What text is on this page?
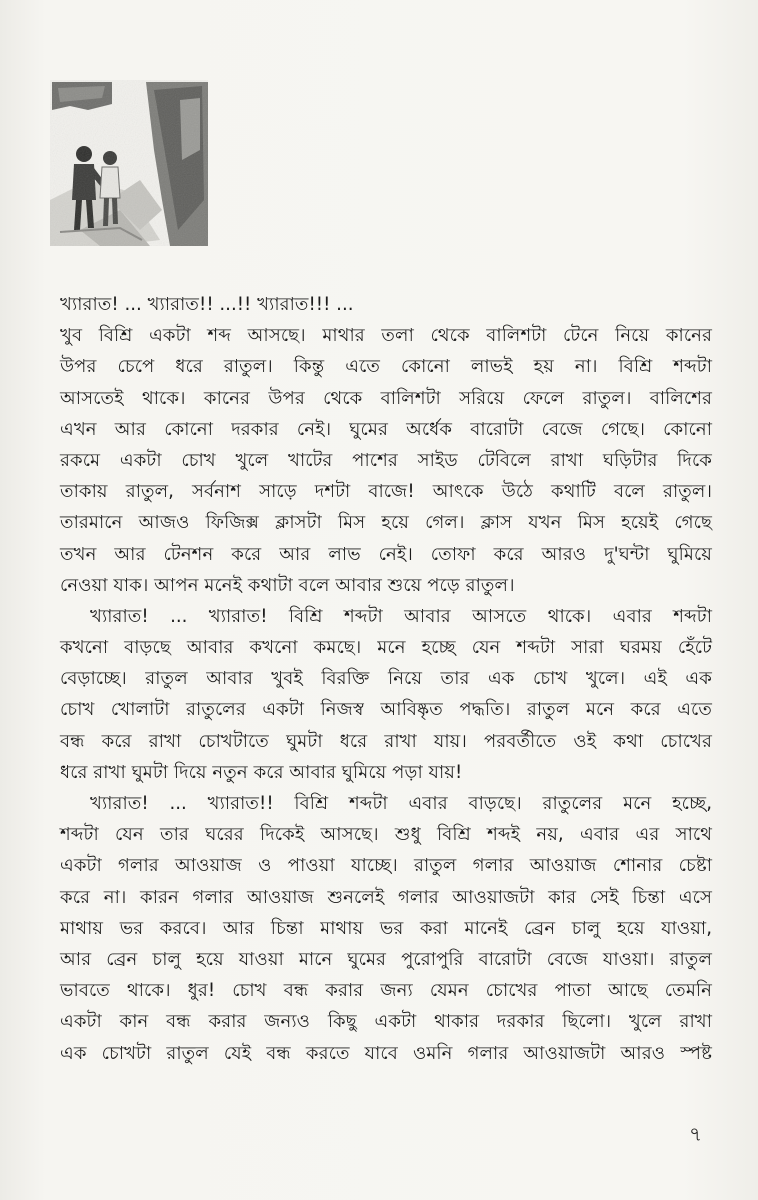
খ্যারাত! ... খ্যারাত!! ...!! খ্যারাত!!! ...
খুব বিশ্রি একটা শব্দ আসছে। মাথার তলা থেকে বালিশটা টেনে নিয়ে কানের
উপর চেপে ধরে রাতুল। কিন্তু এতে কোনো লাভই হয় না। বিশ্রি শব্দটা
আসতেই থাকে। কানের উপর থেকে বালিশটা সরিয়ে ফেলে রাতুল। বালিশের
এখন আর কোনো দরকার নেই। ঘুমের অর্ধেক বারোটা বেজে গেছে। কোনো
রকমে একটা চোখ খুলে খাটের পাশের সাইড টেবিলে রাখা ঘড়িটার দিকে
তাকায় রাতুল, সর্বনাশ সাড়ে দশটা বাজে! আৎকে উঠে কথাটি বলে রাতুল।
তারমানে আজও ফিজিক্স ক্লাসটা মিস হয়ে গেল। ক্লাস যখন মিস হয়েই গেছে
তখন আর টেনশন করে আর লাভ নেই। তোফা করে আরও দু'ঘন্টা ঘুমিয়ে
নেওয়া যাক। আপন মনেই কথাটা বলে আবার শুয়ে পড়ে রাতুল।
খ্যারাত! ... খ্যারাত! বিশ্রি শব্দটা আবার আসতে থাকে। এবার শব্দটা
কখনো বাড়ছে আবার কখনো কমছে। মনে হচ্ছে যেন শব্দটা সারা ঘরময় হেঁটে
বেড়াচ্ছে। রাতুল আবার খুবই বিরক্তি নিয়ে তার এক চোখ খুলে। এই এক
চোখ খোলাটা রাতুলের একটা নিজস্ব আবিষ্কৃত পদ্ধতি। রাতুল মনে করে এতে
বন্ধ করে রাখা চোখটাতে ঘুমটা ধরে রাখা যায়। পরবর্তীতে ওই কথা চোখের
ধরে রাখা ঘুমটা দিয়ে নতুন করে আবার ঘুমিয়ে পড়া যায়!
খ্যারাত! ... খ্যারাত!! বিশ্রি শব্দটা এবার বাড়ছে। রাতুলের মনে হচ্ছে,
শব্দটা যেন তার ঘরের দিকেই আসছে। শুধু বিশ্রি শব্দই নয়, এবার এর সাথে
একটা গলার আওয়াজ ও পাওয়া যাচ্ছে। রাতুল গলার আওয়াজ শোনার চেষ্টা
করে না। কারন গলার আওয়াজ শুনলেই গলার আওয়াজটা কার সেই চিন্তা এসে
মাথায় ভর করবে। আর চিন্তা মাথায় ভর করা মানেই ব্রেন চালু হয়ে যাওয়া,
আর ব্রেন চালু হয়ে যাওয়া মানে ঘুমের পুরোপুরি বারোটা বেজে যাওয়া। রাতুল
ভাবতে থাকে। ধুর! চোখ বন্ধ করার জন্য যেমন চোখের পাতা আছে তেমনি
একটা কান বন্ধ করার জন্যও কিছু একটা থাকার দরকার ছিলো। খুলে রাখা
এক চোখটা রাতুল যেই বন্ধ করতে যাবে ওমনি গলার আওয়াজটা আরও স্পষ্ট
৭
